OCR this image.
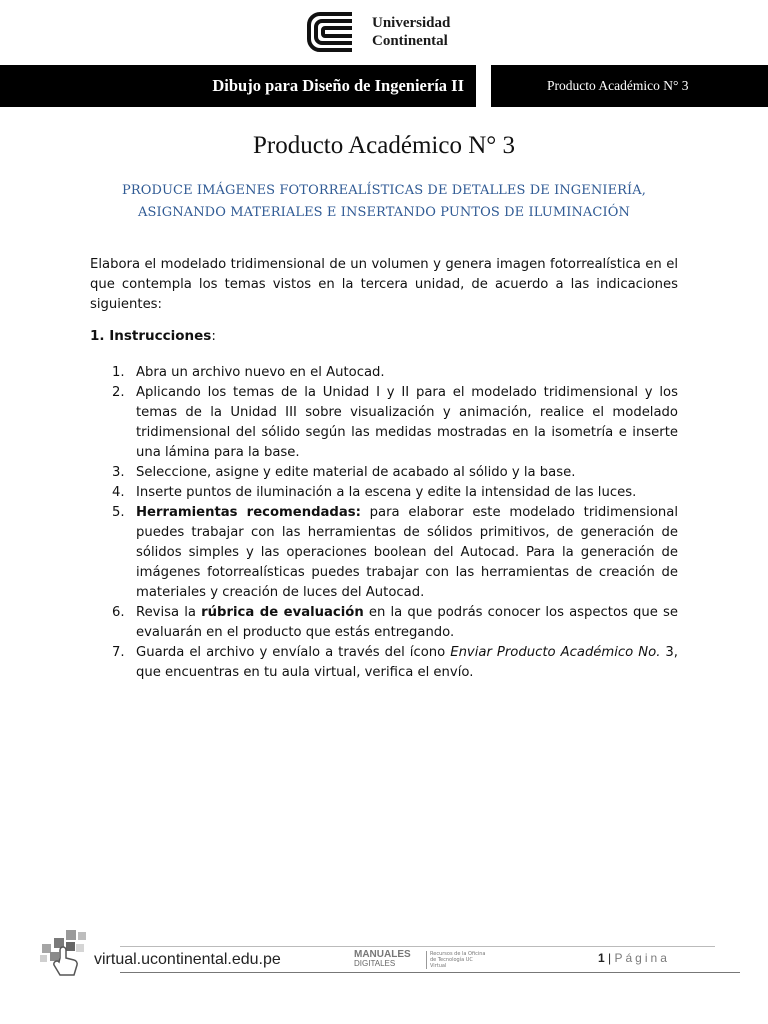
Universidad
Continental
Dibujo para Diseño de Ingeniería II	Producto Académico N° 3
Producto Académico N° 3
PRODUCE IMÁGENES FOTORREALÍSTICAS DE DETALLES DE INGENIERÍA,
ASIGNANDO MATERIALES E INSERTANDO PUNTOS DE ILUMINACIÓN
Elabora el modelado tridimensional de un volumen y genera imagen fotorrealística en el que contempla los temas vistos en la tercera unidad, de acuerdo a las indicaciones siguientes:
1. Instrucciones:
1. Abra un archivo nuevo en el Autocad.
2. Aplicando los temas de la Unidad I y II para el modelado tridimensional y los temas de la Unidad III sobre visualización y animación, realice el modelado tridimensional del sólido según las medidas mostradas en la isometría e inserte una lámina para la base.
3. Seleccione, asigne y edite material de acabado al sólido y la base.
4. Inserte puntos de iluminación a la escena y edite la intensidad de las luces.
5. Herramientas recomendadas: para elaborar este modelado tridimensional puedes trabajar con las herramientas de sólidos primitivos, de generación de sólidos simples y las operaciones boolean del Autocad. Para la generación de imágenes fotorrealísticas puedes trabajar con las herramientas de creación de materiales y creación de luces del Autocad.
6. Revisa la rúbrica de evaluación en la que podrás conocer los aspectos que se evaluarán en el producto que estás entregando.
7. Guarda el archivo y envíalo a través del ícono Enviar Producto Académico No. 3, que encuentras en tu aula virtual, verifica el envío.
virtual.ucontinental.edu.pe	MANUALES
DIGITALES
Recursos de la Oficina de Tecnología UC Virtual
1 | Página
